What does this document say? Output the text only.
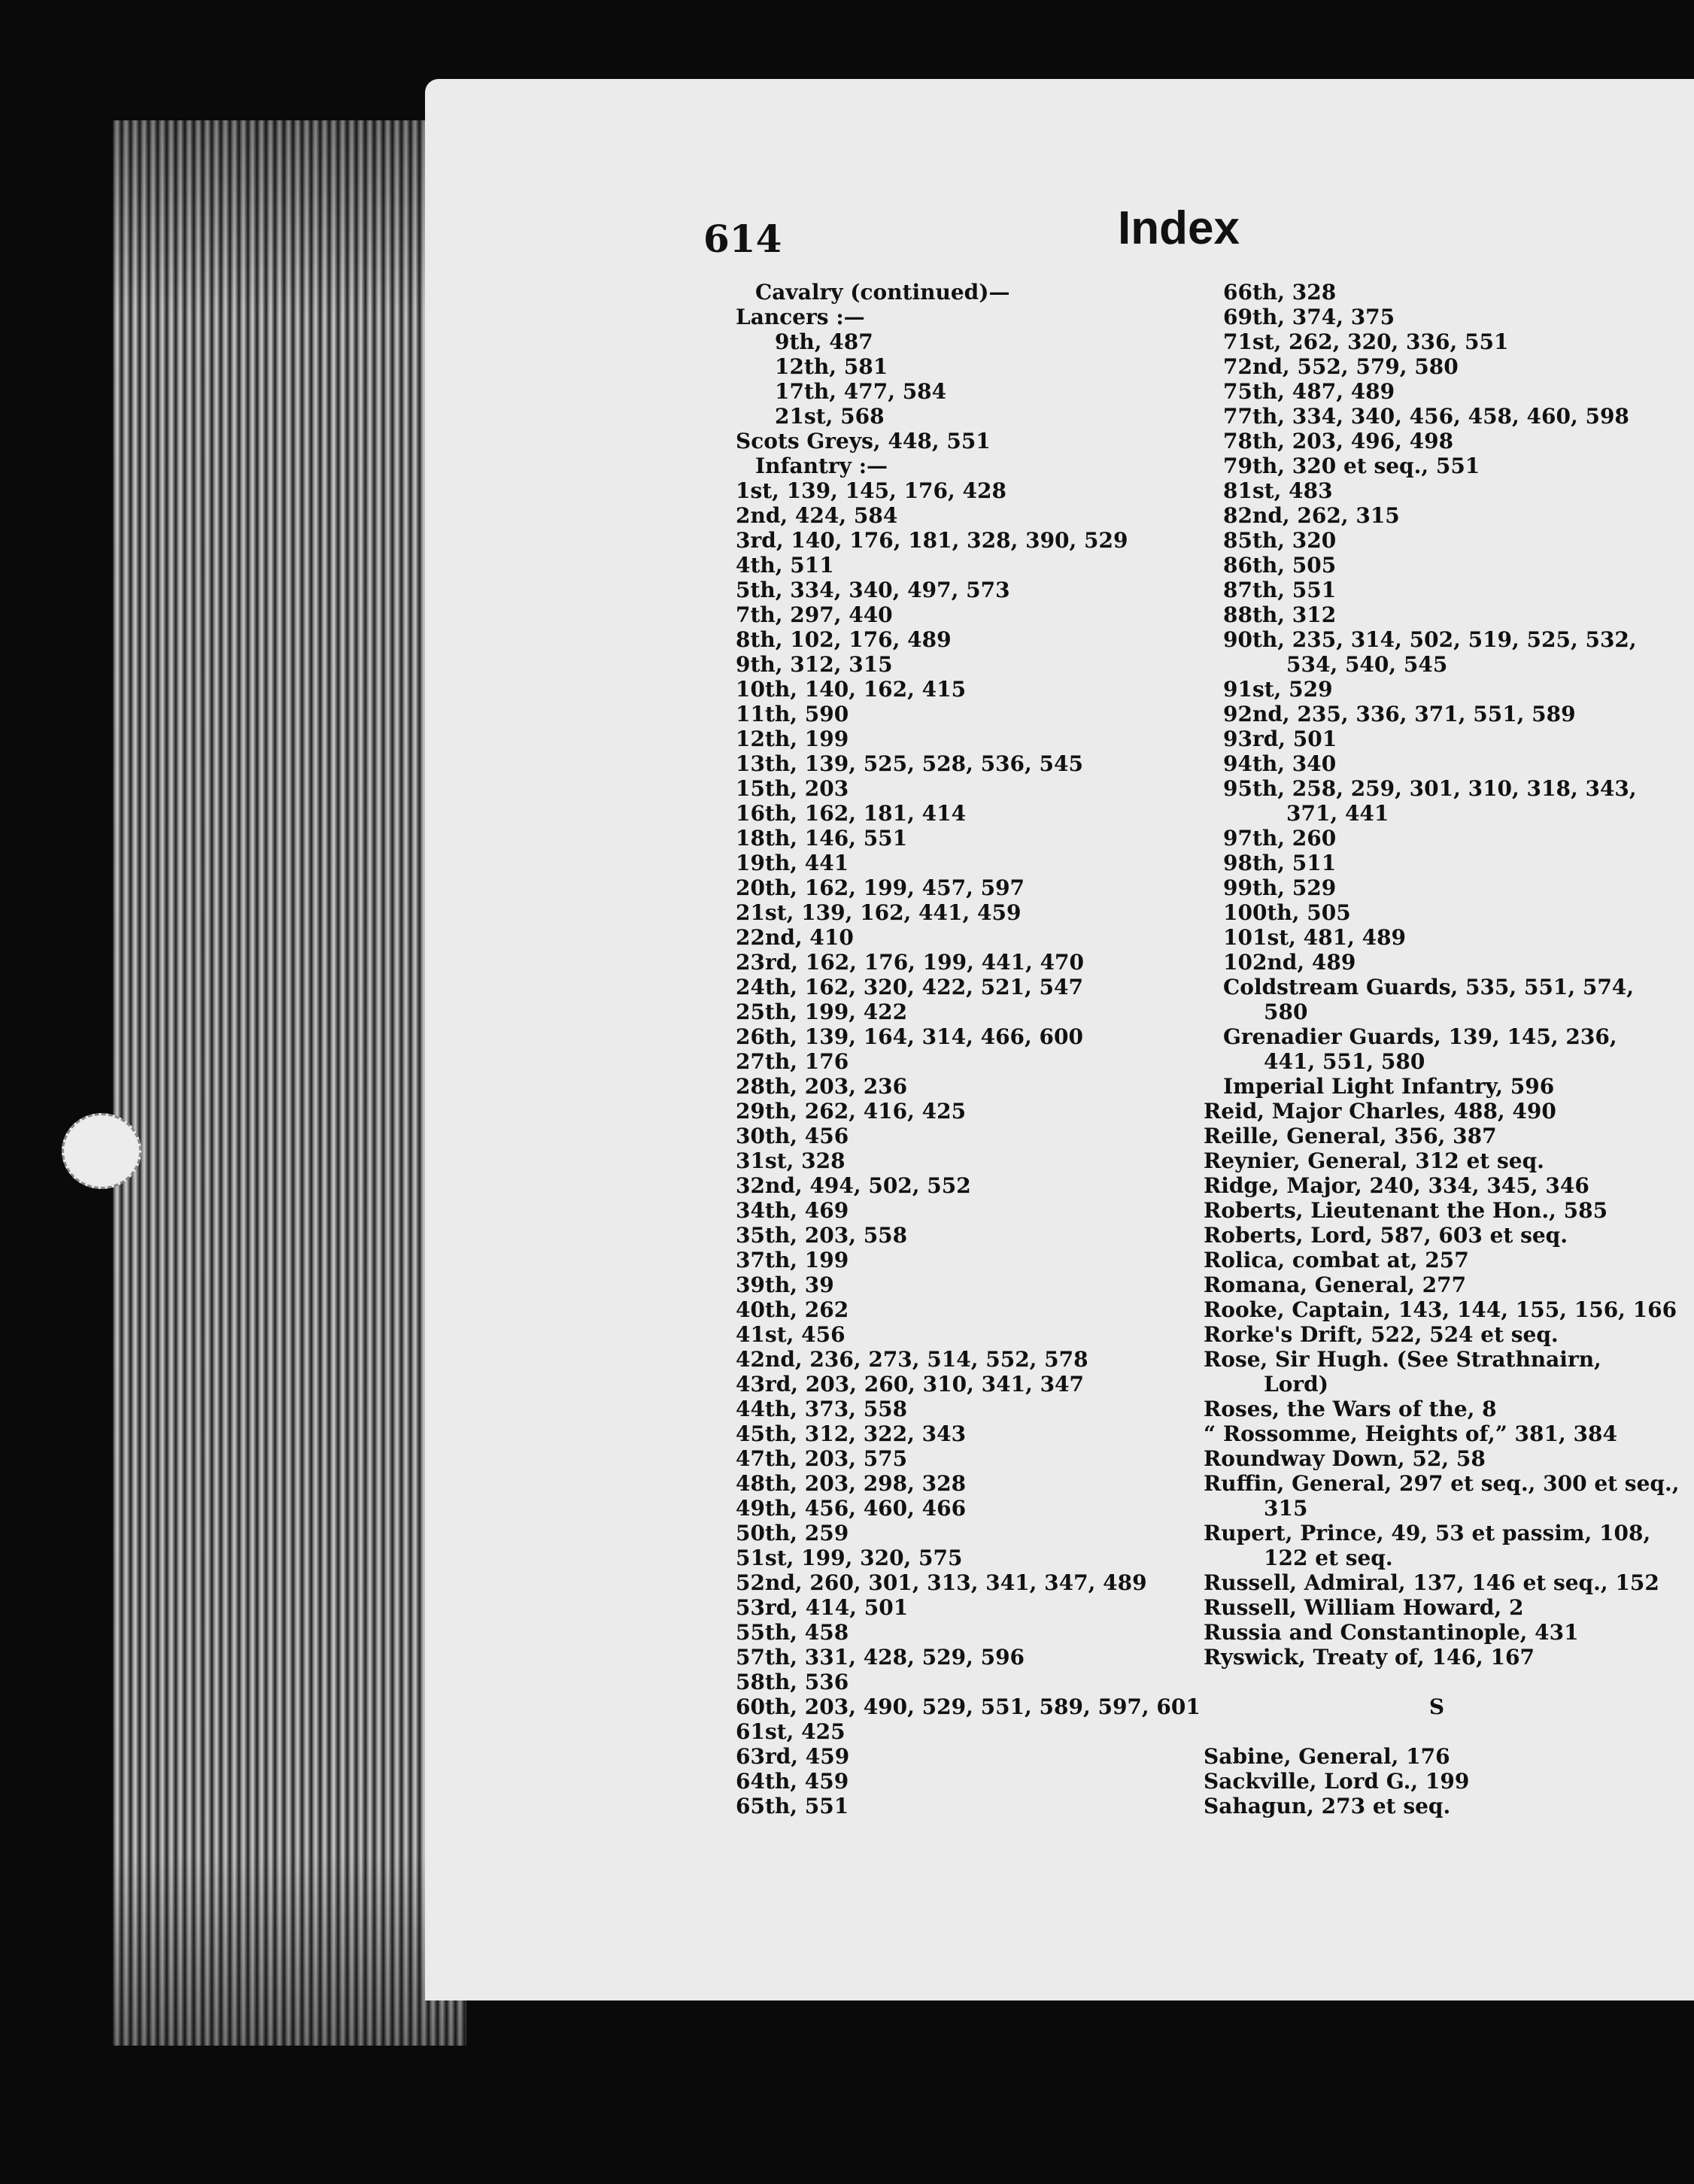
614	Index
Cavalry (continued)—
Lancers :—
9th, 487
12th, 581
17th, 477, 584
21st, 568
Scots Greys, 448, 551
Infantry :—
1st, 139, 145, 176, 428
2nd, 424, 584
3rd, 140, 176, 181, 328, 390, 529
4th, 511
5th, 334, 340, 497, 573
7th, 297, 440
8th, 102, 176, 489
9th, 312, 315
10th, 140, 162, 415
11th, 590
12th, 199
13th, 139, 525, 528, 536, 545
15th, 203
16th, 162, 181, 414
18th, 146, 551
19th, 441
20th, 162, 199, 457, 597
21st, 139, 162, 441, 459
22nd, 410
23rd, 162, 176, 199, 441, 470
24th, 162, 320, 422, 521, 547
25th, 199, 422
26th, 139, 164, 314, 466, 600
27th, 176
28th, 203, 236
29th, 262, 416, 425
30th, 456
31st, 328
32nd, 494, 502, 552
34th, 469
35th, 203, 558
37th, 199
39th, 39
40th, 262
41st, 456
42nd, 236, 273, 514, 552, 578
43rd, 203, 260, 310, 341, 347
44th, 373, 558
45th, 312, 322, 343
47th, 203, 575
48th, 203, 298, 328
49th, 456, 460, 466
50th, 259
51st, 199, 320, 575
52nd, 260, 301, 313, 341, 347, 489
53rd, 414, 501
55th, 458
57th, 331, 428, 529, 596
58th, 536
60th, 203, 490, 529, 551, 589, 597, 601
61st, 425
63rd, 459
64th, 459
65th, 551
66th, 328
69th, 374, 375
71st, 262, 320, 336, 551
72nd, 552, 579, 580
75th, 487, 489
77th, 334, 340, 456, 458, 460, 598
78th, 203, 496, 498
79th, 320 et seq., 551
81st, 483
82nd, 262, 315
85th, 320
86th, 505
87th, 551
88th, 312
90th, 235, 314, 502, 519, 525, 532,
534, 540, 545
91st, 529
92nd, 235, 336, 371, 551, 589
93rd, 501
94th, 340
95th, 258, 259, 301, 310, 318, 343,
371, 441
97th, 260
98th, 511
99th, 529
100th, 505
101st, 481, 489
102nd, 489
Coldstream Guards, 535, 551, 574,
580
Grenadier Guards, 139, 145, 236,
441, 551, 580
Imperial Light Infantry, 596
Reid, Major Charles, 488, 490
Reille, General, 356, 387
Reynier, General, 312 et seq.
Ridge, Major, 240, 334, 345, 346
Roberts, Lieutenant the Hon., 585
Roberts, Lord, 587, 603 et seq.
Rolica, combat at, 257
Romana, General, 277
Rooke, Captain, 143, 144, 155, 156, 166
Rorke's Drift, 522, 524 et seq.
Rose, Sir Hugh. (See Strathnairn,
Lord)
Roses, the Wars of the, 8
“ Rossomme, Heights of,” 381, 384
Roundway Down, 52, 58
Ruffin, General, 297 et seq., 300 et seq.,
315
Rupert, Prince, 49, 53 et passim, 108,
122 et seq.
Russell, Admiral, 137, 146 et seq., 152
Russell, William Howard, 2
Russia and Constantinople, 431
Ryswick, Treaty of, 146, 167
S
Sabine, General, 176
Sackville, Lord G., 199
Sahagun, 273 et seq.
